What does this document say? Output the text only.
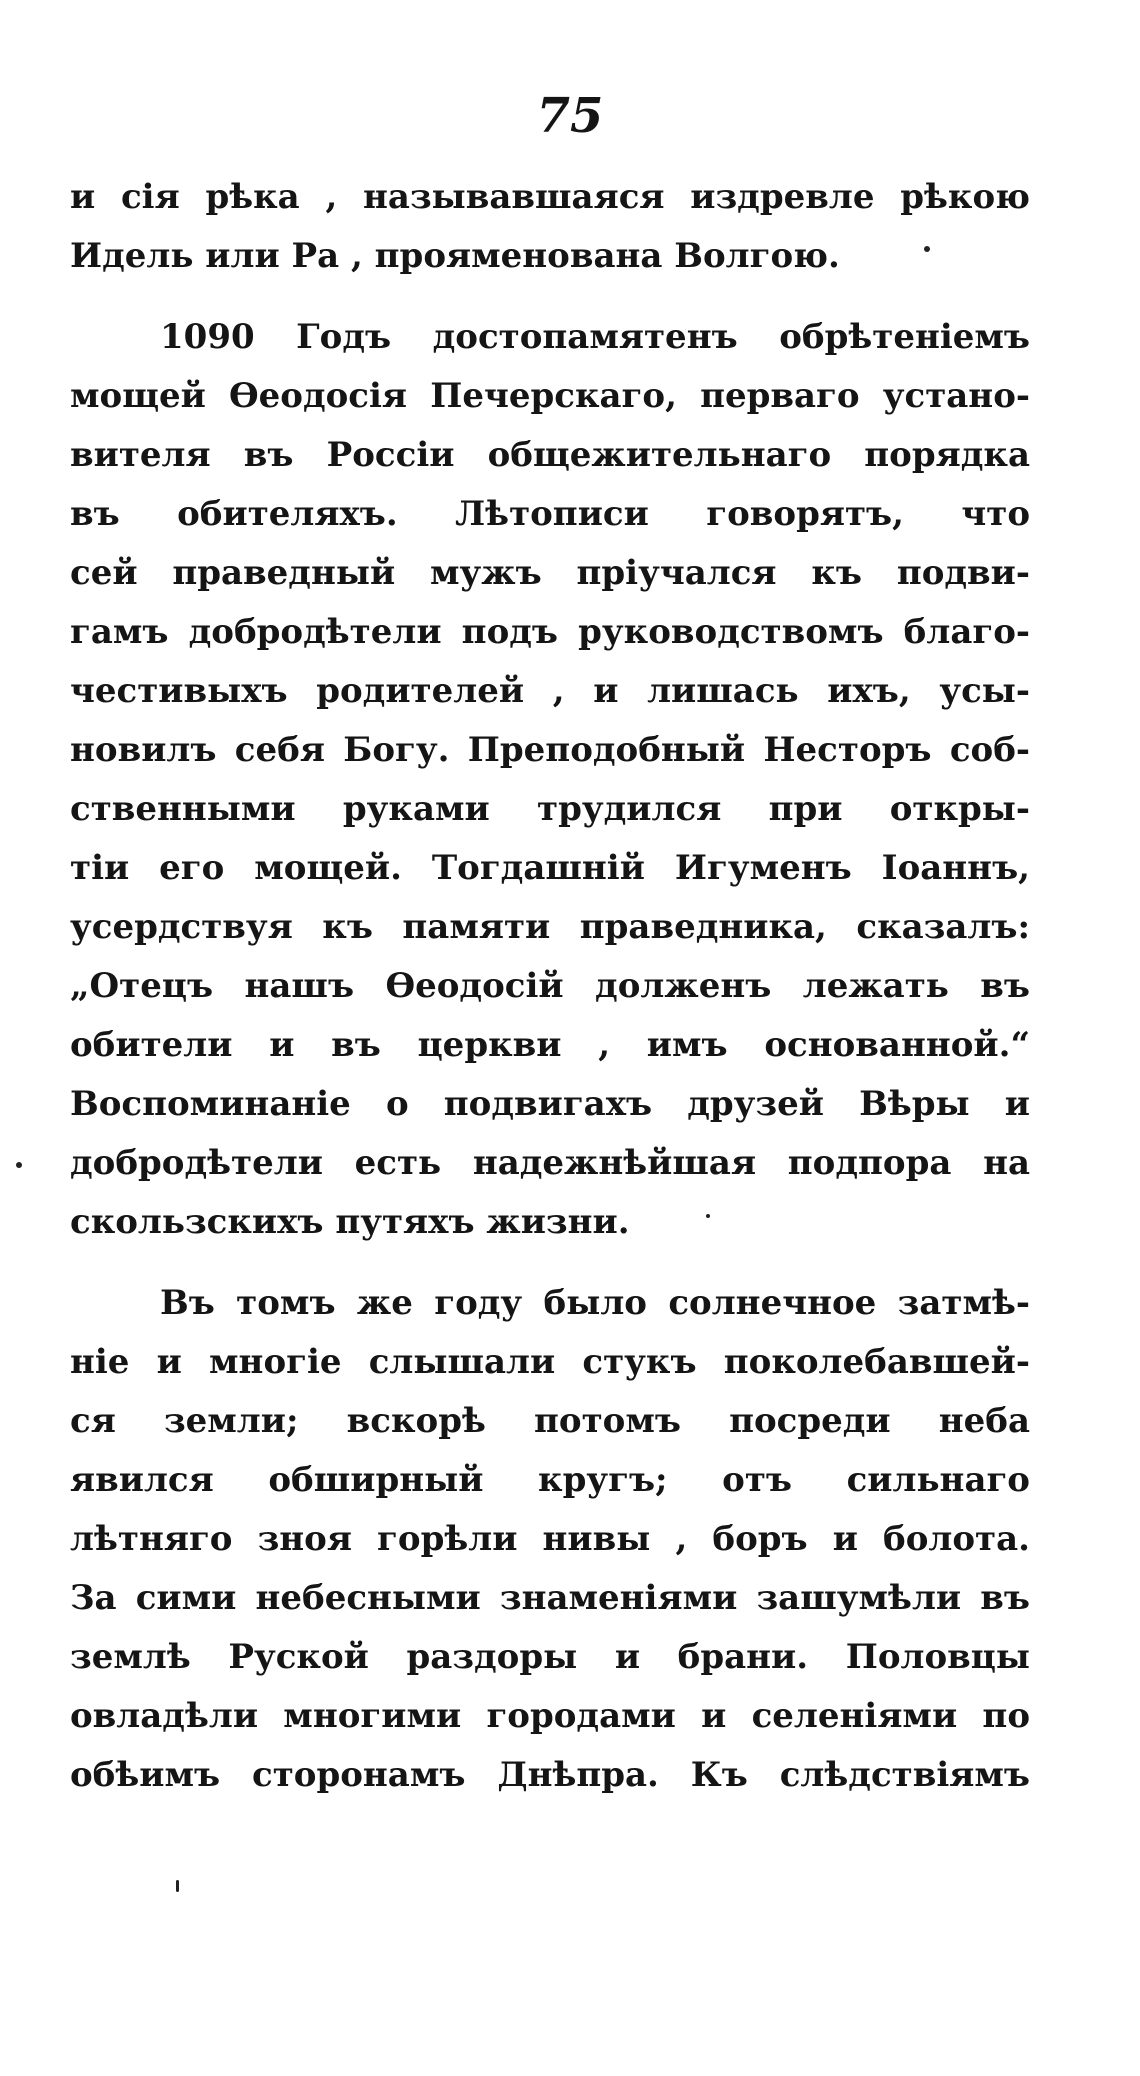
75
и сія рѣка , называвшаяся издревле рѣкою
Идель или Ра , прояменована Волгою.
1090 Годъ достопамятенъ обрѣтеніемъ
мощей Ѳеодосія Печерскаго, перваго устано-
вителя въ Россіи общежительнаго порядка
въ обителяхъ. Лѣтописи говорятъ, что
сей праведный мужъ пріучался къ подви-
гамъ добродѣтели подъ руководствомъ благо-
честивыхъ родителей , и лишась ихъ, усы-
новилъ себя Богу. Преподобный Несторъ соб-
ственными руками трудился при откры-
тіи его мощей. Тогдашній Игуменъ Іоаннъ,
усердствуя къ памяти праведника, сказалъ:
„Отецъ нашъ Ѳеодосій долженъ лежать въ
обители и въ церкви , имъ основанной.“
Воспоминаніе о подвигахъ друзей Вѣры и
добродѣтели есть надежнѣйшая подпора на
скользскихъ путяхъ жизни.
Въ томъ же году было солнечное затмѣ-
ніе и многіе слышали стукъ поколебавшей-
ся земли; вскорѣ потомъ посреди неба
явился обширный кругъ; отъ сильнаго
лѣтняго зноя горѣли нивы , боръ и болота.
За сими небесными знаменіями зашумѣли въ
землѣ Руской раздоры и брани. Половцы
овладѣли многими городами и селеніями по
обѣимъ сторонамъ Днѣпра. Къ слѣдствіямъ
